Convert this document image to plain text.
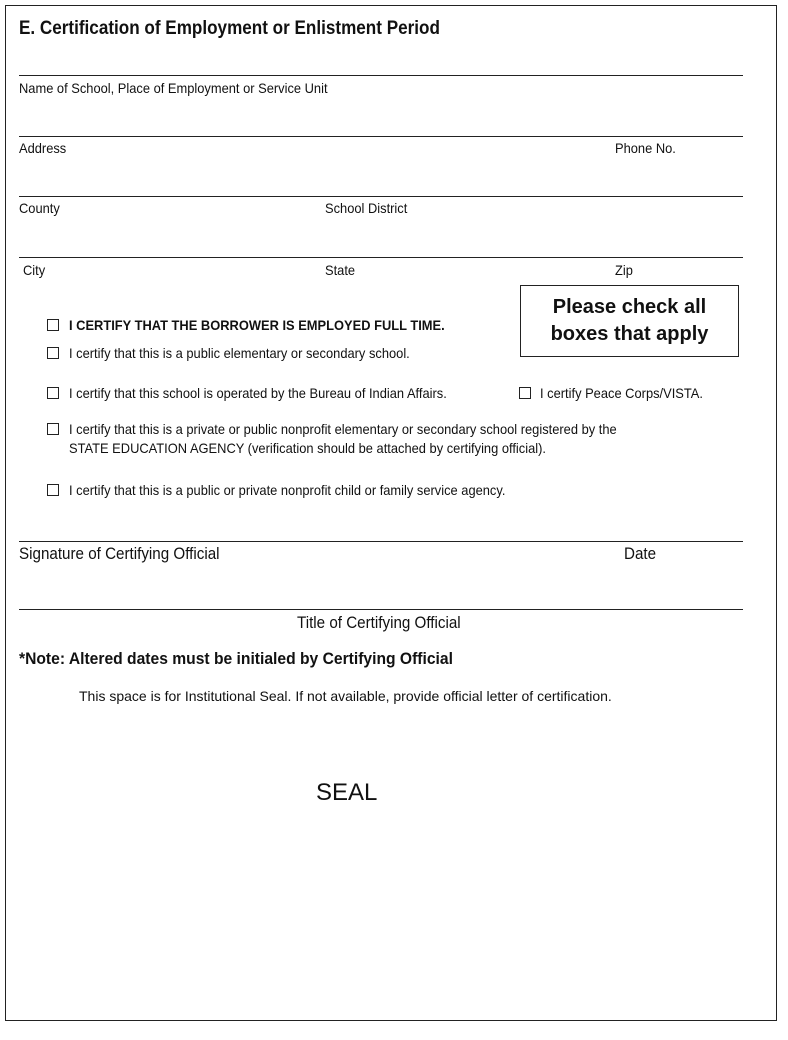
E. Certification of Employment or Enlistment Period
Name of School, Place of Employment or Service Unit
Address	Phone No.
County	School District
City	State	Zip
Please check all
boxes that apply
I CERTIFY THAT THE BORROWER IS EMPLOYED FULL TIME.
I certify that this is a public elementary or secondary school.
I certify that this school is operated by the Bureau of Indian Affairs.	I certify Peace Corps/VISTA.
I certify that this is a private or public nonprofit elementary or secondary school registered by the
STATE EDUCATION AGENCY (verification should be attached by certifying official).
I certify that this is a public or private nonprofit child or family service agency.
Signature of Certifying Official	Date
Title of Certifying Official
*Note: Altered dates must be initialed by Certifying Official
This space is for Institutional Seal. If not available, provide official letter of certification.
SEAL
